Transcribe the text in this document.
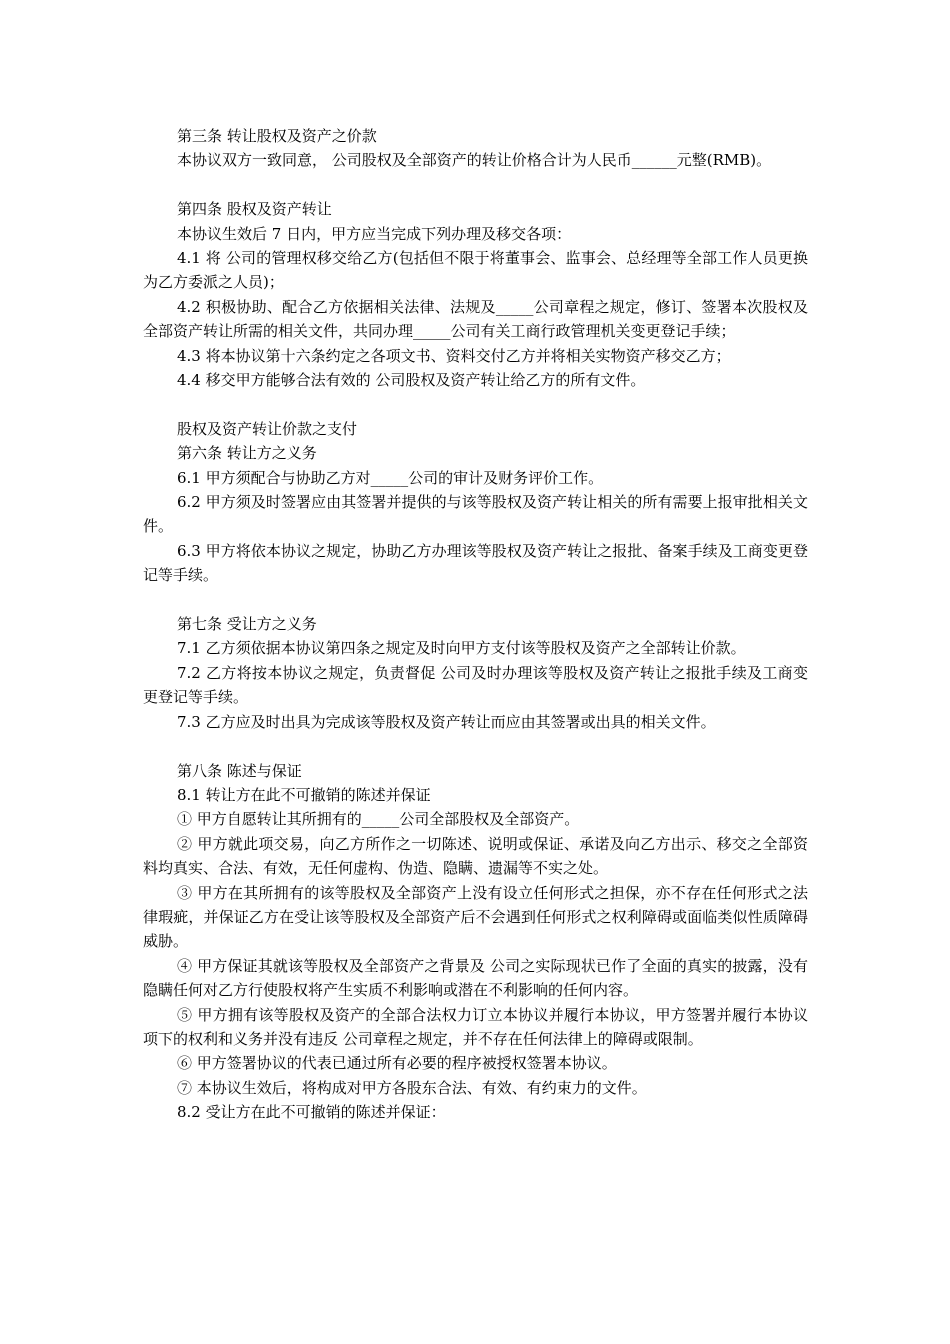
第三条 转让股权及资产之价款
本协议双方一致同意， 公司股权及全部资产的转让价格合计为人民币______元整(RMB)。
第四条 股权及资产转让
本协议生效后 7 日内，甲方应当完成下列办理及移交各项：
4.1 将 公司的管理权移交给乙方(包括但不限于将董事会、监事会、总经理等全部工作人员更换为乙方委派之人员)；
4.2 积极协助、配合乙方依据相关法律、法规及_____公司章程之规定，修订、签署本次股权及全部资产转让所需的相关文件，共同办理_____公司有关工商行政管理机关变更登记手续；
4.3 将本协议第十六条约定之各项文书、资料交付乙方并将相关实物资产移交乙方；
4.4 移交甲方能够合法有效的 公司股权及资产转让给乙方的所有文件。
股权及资产转让价款之支付
第六条 转让方之义务
6.1 甲方须配合与协助乙方对_____公司的审计及财务评价工作。
6.2 甲方须及时签署应由其签署并提供的与该等股权及资产转让相关的所有需要上报审批相关文件。
6.3 甲方将依本协议之规定，协助乙方办理该等股权及资产转让之报批、备案手续及工商变更登记等手续。
第七条 受让方之义务
7.1 乙方须依据本协议第四条之规定及时向甲方支付该等股权及资产之全部转让价款。
7.2 乙方将按本协议之规定，负责督促 公司及时办理该等股权及资产转让之报批手续及工商变更登记等手续。
7.3 乙方应及时出具为完成该等股权及资产转让而应由其签署或出具的相关文件。
第八条 陈述与保证
8.1 转让方在此不可撤销的陈述并保证
① 甲方自愿转让其所拥有的_____公司全部股权及全部资产。
② 甲方就此项交易，向乙方所作之一切陈述、说明或保证、承诺及向乙方出示、移交之全部资料均真实、合法、有效，无任何虚构、伪造、隐瞒、遗漏等不实之处。
③ 甲方在其所拥有的该等股权及全部资产上没有设立任何形式之担保，亦不存在任何形式之法律瑕疵，并保证乙方在受让该等股权及全部资产后不会遇到任何形式之权利障碍或面临类似性质障碍威胁。
④ 甲方保证其就该等股权及全部资产之背景及 公司之实际现状已作了全面的真实的披露，没有隐瞒任何对乙方行使股权将产生实质不利影响或潜在不利影响的任何内容。
⑤ 甲方拥有该等股权及资产的全部合法权力订立本协议并履行本协议，甲方签署并履行本协议项下的权利和义务并没有违反 公司章程之规定，并不存在任何法律上的障碍或限制。
⑥ 甲方签署协议的代表已通过所有必要的程序被授权签署本协议。
⑦ 本协议生效后，将构成对甲方各股东合法、有效、有约束力的文件。
8.2 受让方在此不可撤销的陈述并保证：
